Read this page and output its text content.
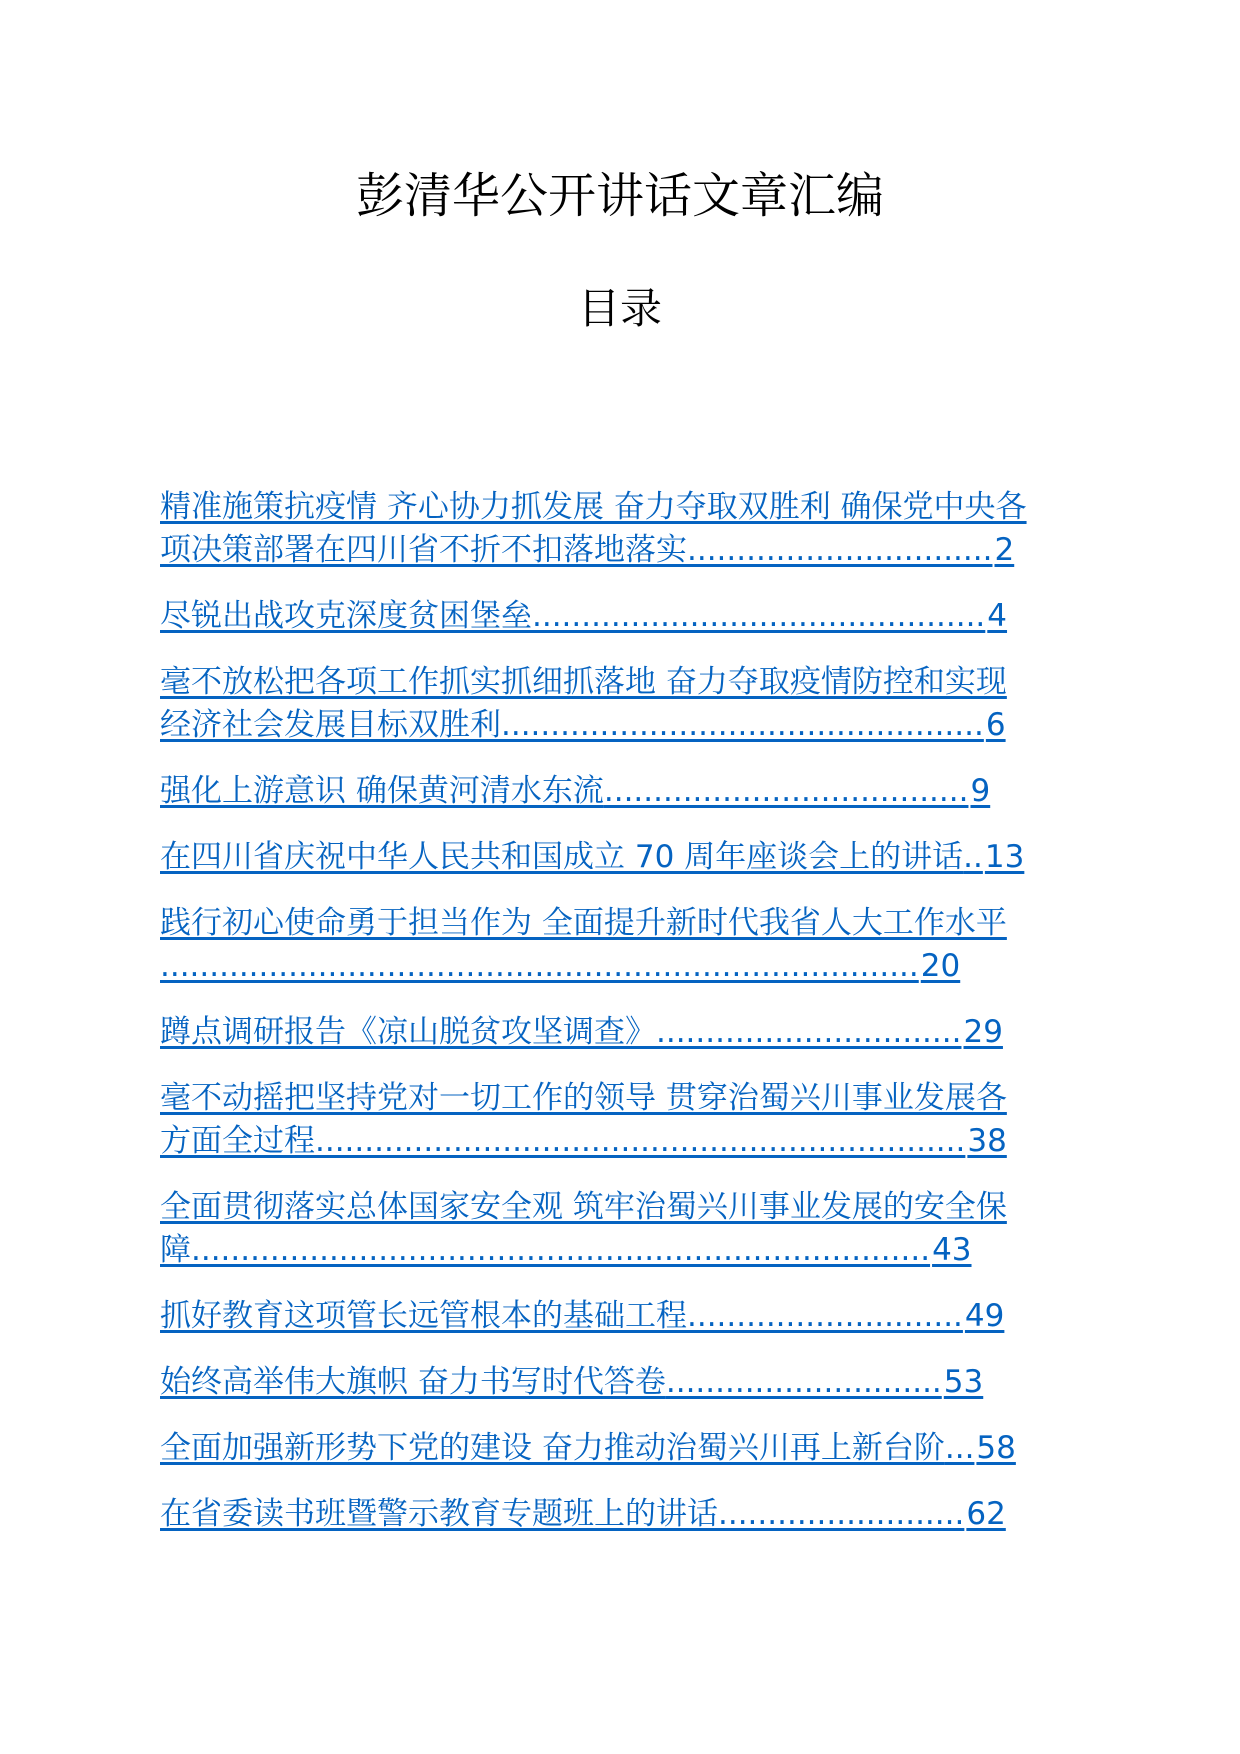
彭清华公开讲话文章汇编
目录
精准施策抗疫情 齐心协力抓发展 奋力夺取双胜利 确保党中央各
项决策部署在四川省不折不扣落地落实...............................2
尽锐出战攻克深度贫困堡垒..............................................4
毫不放松把各项工作抓实抓细抓落地 奋力夺取疫情防控和实现
经济社会发展目标双胜利.................................................6
强化上游意识 确保黄河清水东流.....................................9
在四川省庆祝中华人民共和国成立 70 周年座谈会上的讲话..13
践行初心使命勇于担当作为 全面提升新时代我省人大工作水平
.............................................................................20
蹲点调研报告《凉山脱贫攻坚调查》...............................29
毫不动摇把坚持党对一切工作的领导 贯穿治蜀兴川事业发展各
方面全过程..................................................................38
全面贯彻落实总体国家安全观 筑牢治蜀兴川事业发展的安全保
障...........................................................................43
抓好教育这项管长远管根本的基础工程............................49
始终高举伟大旗帜 奋力书写时代答卷............................53
全面加强新形势下党的建设 奋力推动治蜀兴川再上新台阶...58
在省委读书班暨警示教育专题班上的讲话.........................62
